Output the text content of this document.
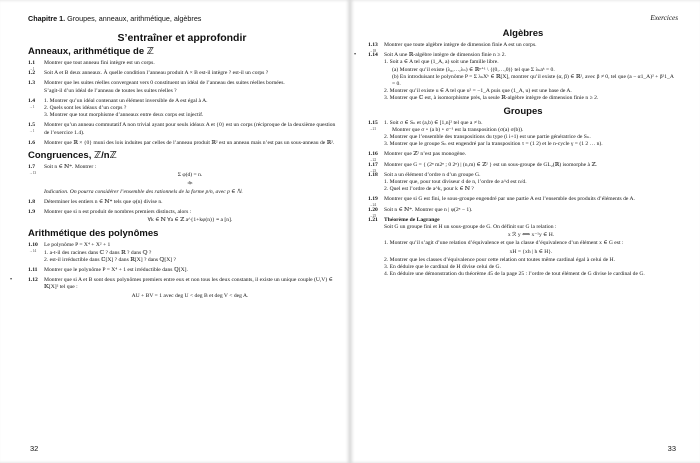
Chapitre 1. Groupes, anneaux, arithmétique, algèbres
S’entraîner et approfondir
Anneaux, arithmétique de ℤ
1.1
→1
Montrer que tout anneau fini intègre est un corps.
1.2	Soit A et B deux anneaux. À quelle condition l’anneau produit A × B est-il intègre ? est-il un corps ?
1.3	Montrer que les suites réelles convergeant vers 0 constituent un idéal de l’anneau des suites réelles bornées.
S’agit-il d’un idéal de l’anneau de toutes les suites réelles ?
1.4
→1
1. Montrer qu’un idéal contenant un élément inversible de A est égal à A.
2. Quels sont les idéaux d’un corps ?
3. Montrer que tout morphisme d’anneaux entre deux corps est injectif.
1.5
→1
Montrer qu’un anneau commutatif A non trivial ayant pour seuls idéaux A et {0} est un corps (réciproque de la deuxième question de l’exercice 1.4).
1.6	Montrer que ℝ × {0} muni des lois induites par celles de l’anneau produit ℝ² est un anneau mais n’est pas un sous-anneau de ℝ².
Congruences, ℤ/nℤ
1.7
→13
Soit n ∈ ℕ*. Montrer :
Σ φ(d) = n.
d|n
Indication. On pourra considérer l’ensemble des rationnels de la forme p/n, avec p ∈ ℕ.
1.8	Déterminer les entiers n ∈ ℕ* tels que φ(n) divise n.
1.9	Montrer que si n est produit de nombres premiers distincts, alors :
∀k ∈ ℕ ∀a ∈ ℤ a^{1+kφ(n)} ≡ a [n].
Arithmétique des polynômes
1.10
→14
Le polynôme P = X⁴ + X² + 1
1. a-t-il des racines dans ℂ ? dans ℝ ? dans ℚ ?
2. est-il irréductible dans ℂ[X] ? dans ℝ[X] ? dans ℚ[X] ?
1.11	Montrer que le polynôme P = X⁴ + 1 est irréductible dans ℚ[X].
•	1.12	Montrer que si A et B sont deux polynômes premiers entre eux et non tous les deux constants, il existe un unique couple (U,V) ∈ 𝕂[X]² tel que :
AU + BV = 1 avec deg U < deg B et deg V < deg A.
32
Exercices
Algèbres
1.13
→18
Montrer que toute algèbre intègre de dimension finie A est un corps.
• 1.14	Soit A une ℝ-algèbre intègre de dimension finie n ≥ 2.
1. Soit a ∈ A tel que (1_A, a) soit une famille libre.
(a) Montrer qu’il existe (λ₀,…,λₙ) ∈ ℝⁿ⁺¹ \ {(0,…,0)} tel que Σ λₖaᵏ = 0.
(b) En introduisant le polynôme P = Σ λₖXᵏ ∈ ℝ[X], montrer qu’il existe (α, β) ∈ ℝ², avec β ≠ 0, tel que (a − α1_A)² + β²1_A = 0.
2. Montrer qu’il existe u ∈ A tel que u² = −1_A puis que (1_A, u) est une base de A.
3. Montrer que ℂ est, à isomorphisme près, la seule ℝ-algèbre intègre de dimension finie n ≥ 2.
Groupes
1.15
→21
1. Soit σ ∈ Sₙ et (a,b) ∈ [1,n]² tel que a ≠ b.
Montrer que σ ∘ (a b) ∘ σ⁻¹ est la transposition (σ(a) σ(b)).
2. Montrer que l’ensemble des transpositions du type (i i+1) est une partie génératrice de Sₙ.
3. Montrer que le groupe Sₙ est engendré par la transposition τ = (1 2) et le n-cycle γ = (1 2 … n).
1.16
→22
Montrer que ℤ² n’est pas monogène.
1.17
→23
Montrer que G = { (2ⁿ m2ⁿ ; 0 2ⁿ) | (n,m) ∈ ℤ² } est un sous-groupe de GL₂(ℝ) isomorphe à ℤ.
1.18	Soit a un élément d’ordre n d’un groupe G.
1. Montrer que, pour tout diviseur d de n, l’ordre de a^d est n/d.
2. Quel est l’ordre de a^k, pour k ∈ ℕ ?
1.19
→24
Montrer que si G est fini, le sous-groupe engendré par une partie A est l’ensemble des produits d’éléments de A.
1.20
→25
Soit n ∈ ℕ*. Montrer que n | φ(2ⁿ − 1).
1.21	Théorème de Lagrange
Soit G un groupe fini et H un sous-groupe de G. On définit sur G la relation :
x ℛ y ⟺ x⁻¹y ∈ H.
1. Montrer qu’il s’agit d’une relation d’équivalence et que la classe d’équivalence d’un élément x ∈ G est :
xH = {xh | h ∈ H}.
2. Montrer que les classes d’équivalence pour cette relation ont toutes même cardinal égal à celui de H.
3. En déduire que le cardinal de H divise celui de G.
4. En déduire une démonstration du théorème 45 de la page 25 : l’ordre de tout élément de G divise le cardinal de G.
33
